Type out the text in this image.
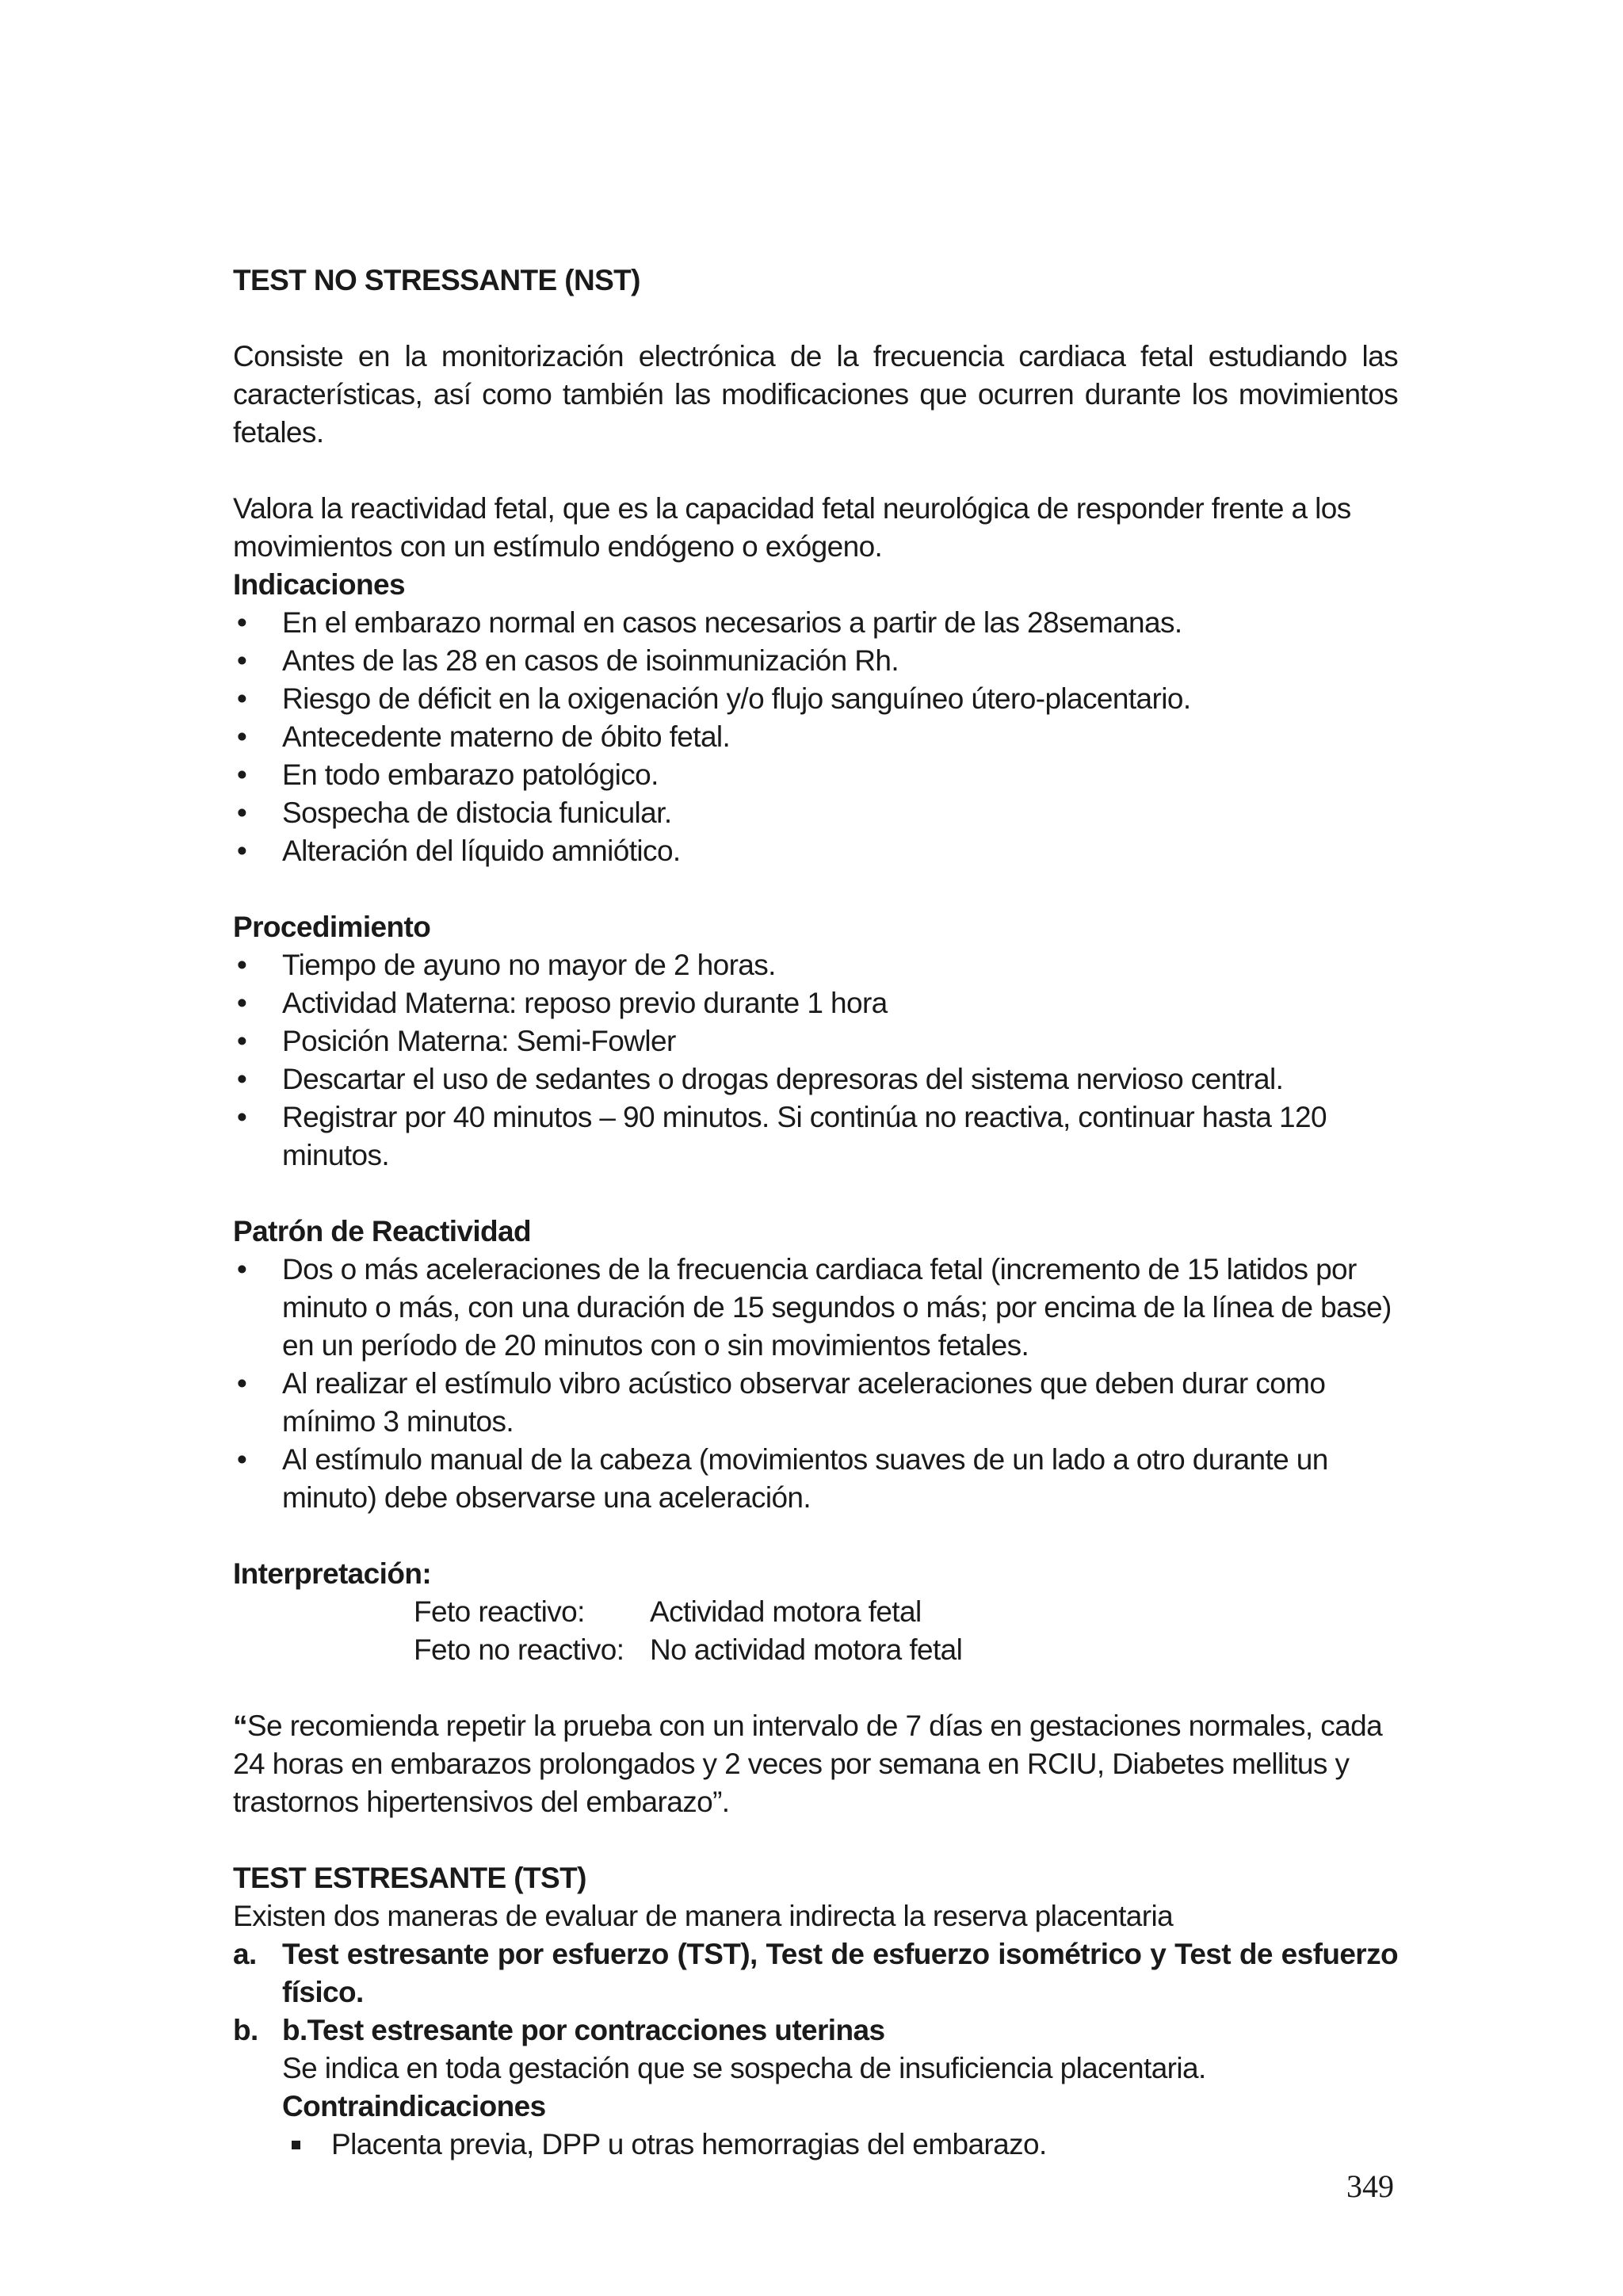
TEST NO STRESSANTE (NST)

Consiste en la monitorización electrónica de la frecuencia cardiaca fetal estudiando las características, así como también las modificaciones que ocurren durante los movimientos fetales.

Valora la reactividad fetal, que es la capacidad fetal neurológica de responder frente a los movimientos con un estímulo endógeno o exógeno.

Indicaciones

• En el embarazo normal en casos necesarios a partir de las 28semanas.
• Antes de las 28 en casos de isoinmunización Rh.
• Riesgo de déficit en la oxigenación y/o flujo sanguíneo útero-placentario.
• Antecedente materno de óbito fetal.
• En todo embarazo patológico.
• Sospecha de distocia funicular.
• Alteración del líquido amniótico.

Procedimiento

• Tiempo de ayuno no mayor de 2 horas.
• Actividad Materna: reposo previo durante 1 hora
• Posición Materna: Semi-Fowler
• Descartar el uso de sedantes o drogas depresoras del sistema nervioso central.
• Registrar por 40 minutos – 90 minutos. Si continúa no reactiva, continuar hasta 120 minutos.

Patrón de Reactividad

• Dos o más aceleraciones de la frecuencia cardiaca fetal (incremento de 15 latidos por minuto o más, con una duración de 15 segundos o más; por encima de la línea de base) en un período de 20 minutos con o sin movimientos fetales.
• Al realizar el estímulo vibro acústico observar aceleraciones que deben durar como mínimo 3 minutos.
• Al estímulo manual de la cabeza (movimientos suaves de un lado a otro durante un minuto) debe observarse una aceleración.

Interpretación:

Feto reactivo:	Actividad motora fetal
Feto no reactivo: No actividad motora fetal

“Se recomienda repetir la prueba con un intervalo de 7 días en gestaciones normales, cada 24 horas en embarazos prolongados y 2 veces por semana en RCIU, Diabetes mellitus y trastornos hipertensivos del embarazo”.

TEST ESTRESANTE (TST)

Existen dos maneras de evaluar de manera indirecta la reserva placentaria

a. Test estresante por esfuerzo (TST), Test de esfuerzo isométrico y Test de esfuerzo físico.
b. b.Test estresante por contracciones uterinas
Se indica en toda gestación que se sospecha de insuficiencia placentaria.
Contraindicaciones
Placenta previa, DPP u otras hemorragias del embarazo.
349
